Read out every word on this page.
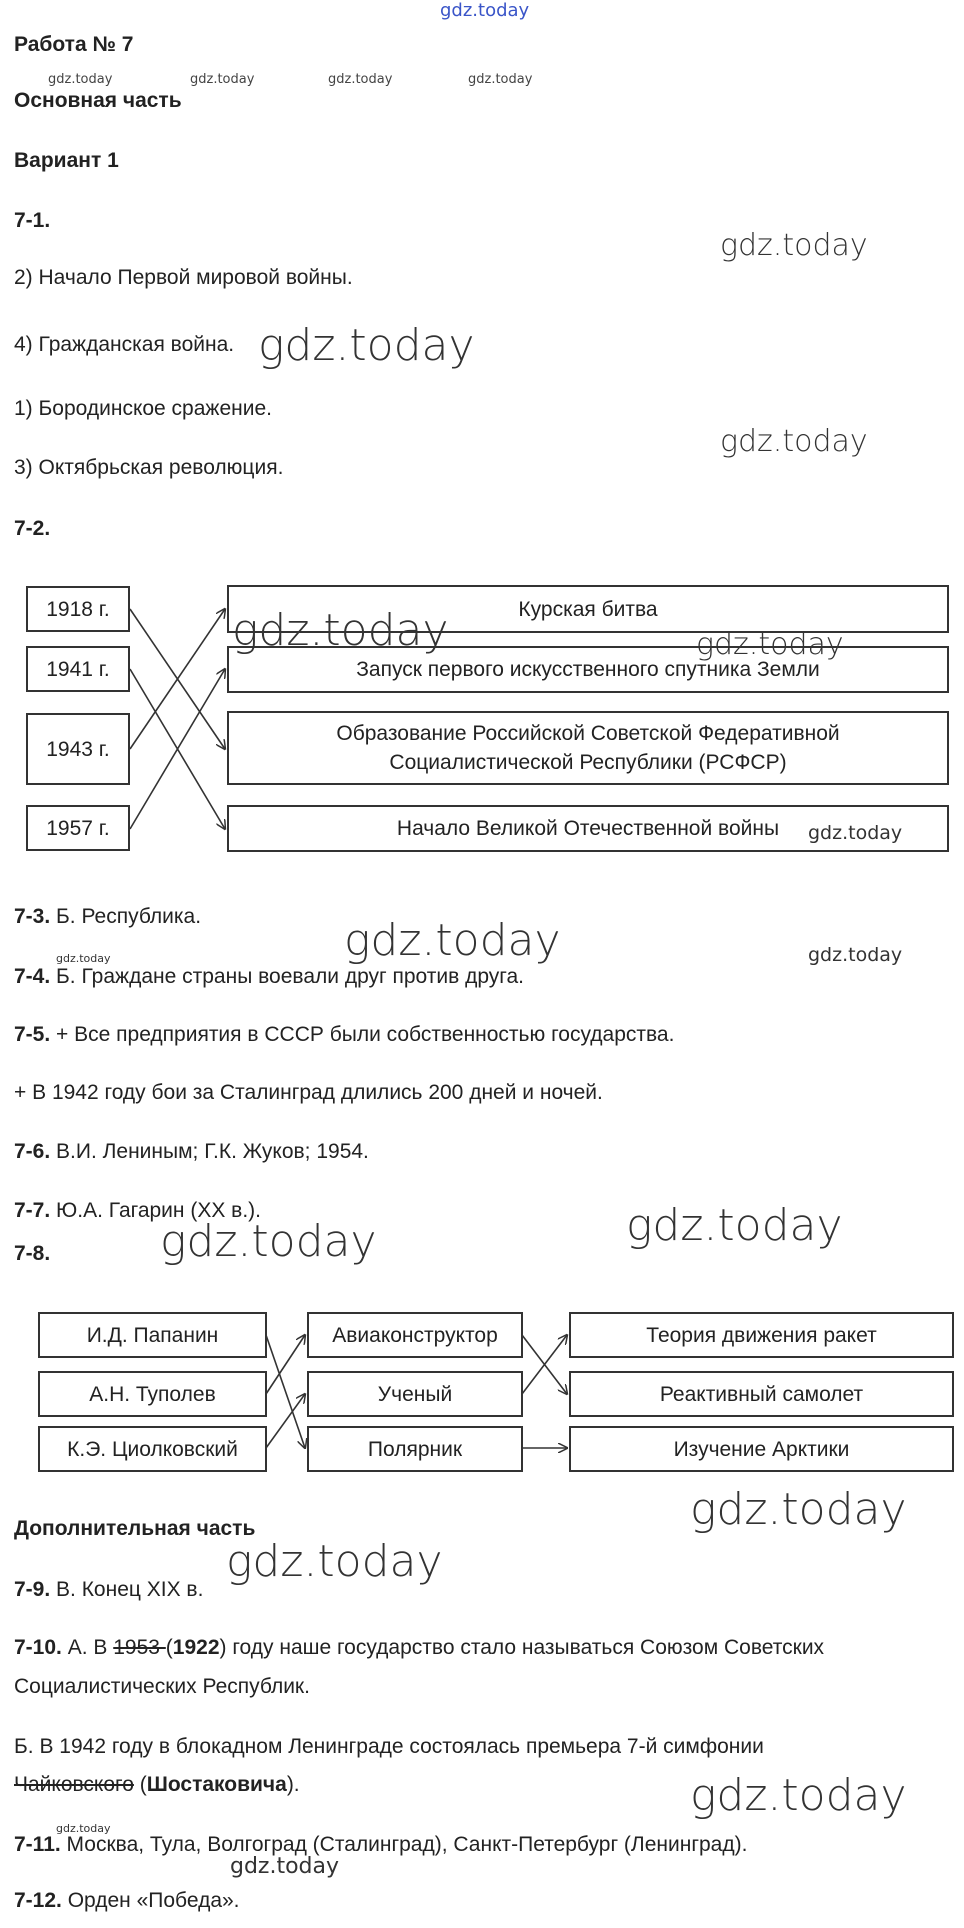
gdz.today
Работа № 7
gdz.today	gdz.today	gdz.today	gdz.today
Основная часть
Вариант 1
7-1.
gdz.today
2) Начало Первой мировой войны.
4) Гражданская война. gdz.today
1) Бородинское сражение.
gdz.today
3) Октябрьская революция.
7-2.
1918 г.
1941 г.
1943 г.
1957 г.
Курская битва
Запуск первого искусственного спутника Земли
Образование Российской Советской Федеративной
Социалистической Республики (РСФСР)
Начало Великой Отечественной войны
gdz.today	gdz.today
gdz.today
7-3. Б. Республика.	gdz.today
gdz.today	gdz.today
7-4. Б. Граждане страны воевали друг против друга.
7-5. + Все предприятия в СССР были собственностью государства.
+ В 1942 году бои за Сталинград длились 200 дней и ночей.
7-6. В.И. Лениным; Г.К. Жуков; 1954.
7-7. Ю.А. Гагарин (XX в.).	gdz.today
7-8. gdz.today
И.Д. Папанин
А.Н. Туполев
К.Э. Циолковский
Авиаконструктор
Ученый
Полярник
Теория движения ракет
Реактивный самолет
Изучение Арктики
gdz.today
Дополнительная часть
gdz.today
7-9. В. Конец XIX в.
7-10. А. В 1953 (1922) году наше государство стало называться Союзом Советских
Социалистических Республик.
Б. В 1942 году в блокадном Ленинграде состоялась премьера 7-й симфонии
Чайковского (Шостаковича).	gdz.today
gdz.today
7-11. Москва, Тула, Волгоград (Сталинград), Санкт-Петербург (Ленинград).
gdz.today
7-12. Орден «Победа».
